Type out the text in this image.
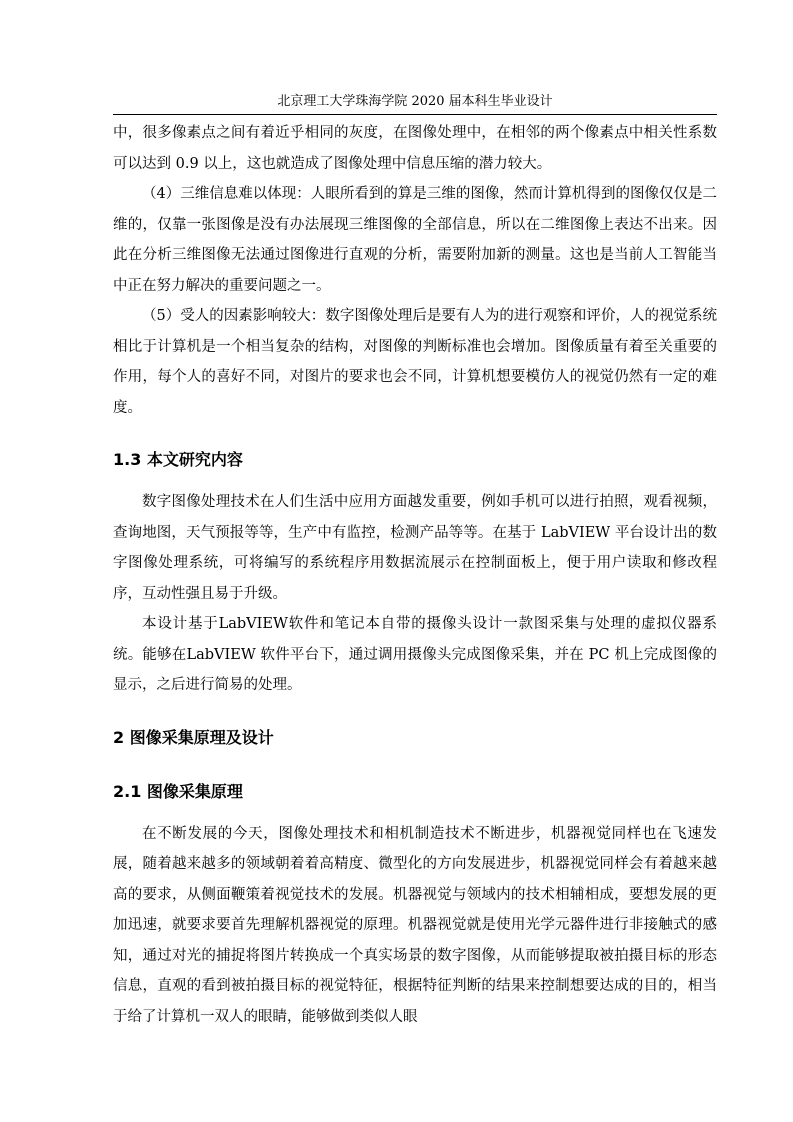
北京理工大学珠海学院 2020 届本科生毕业设计

中，很多像素点之间有着近乎相同的灰度，在图像处理中，在相邻的两个像素点中相关性系数可以达到 0.9 以上，这也就造成了图像处理中信息压缩的潜力较大。

（4）三维信息难以体现：人眼所看到的算是三维的图像，然而计算机得到的图像仅仅是二维的，仅靠一张图像是没有办法展现三维图像的全部信息，所以在二维图像上表达不出来。因此在分析三维图像无法通过图像进行直观的分析，需要附加新的测量。这也是当前人工智能当中正在努力解决的重要问题之一。

（5）受人的因素影响较大：数字图像处理后是要有人为的进行观察和评价，人的视觉系统相比于计算机是一个相当复杂的结构，对图像的判断标准也会增加。图像质量有着至关重要的作用，每个人的喜好不同，对图片的要求也会不同，计算机想要模仿人的视觉仍然有一定的难度。

1.3 本文研究内容

数字图像处理技术在人们生活中应用方面越发重要，例如手机可以进行拍照，观看视频，查询地图，天气预报等等，生产中有监控，检测产品等等。在基于 LabVIEW 平台设计出的数字图像处理系统，可将编写的系统程序用数据流展示在控制面板上，便于用户读取和修改程序，互动性强且易于升级。

本设计基于LabVIEW软件和笔记本自带的摄像头设计一款图采集与处理的虚拟仪器系统。能够在LabVIEW 软件平台下，通过调用摄像头完成图像采集，并在 PC 机上完成图像的显示，之后进行简易的处理。

2 图像采集原理及设计
2.1 图像采集原理

在不断发展的今天，图像处理技术和相机制造技术不断进步，机器视觉同样也在飞速发展，随着越来越多的领域朝着着高精度、微型化的方向发展进步，机器视觉同样会有着越来越高的要求，从侧面鞭策着视觉技术的发展。机器视觉与领域内的技术相辅相成，要想发展的更加迅速，就要求要首先理解机器视觉的原理。机器视觉就是使用光学元器件进行非接触式的感知，通过对光的捕捉将图片转换成一个真实场景的数字图像，从而能够提取被拍摄目标的形态信息，直观的看到被拍摄目标的视觉特征，根据特征判断的结果来控制想要达成的目的，相当于给了计算机一双人的眼睛，能够做到类似人眼
